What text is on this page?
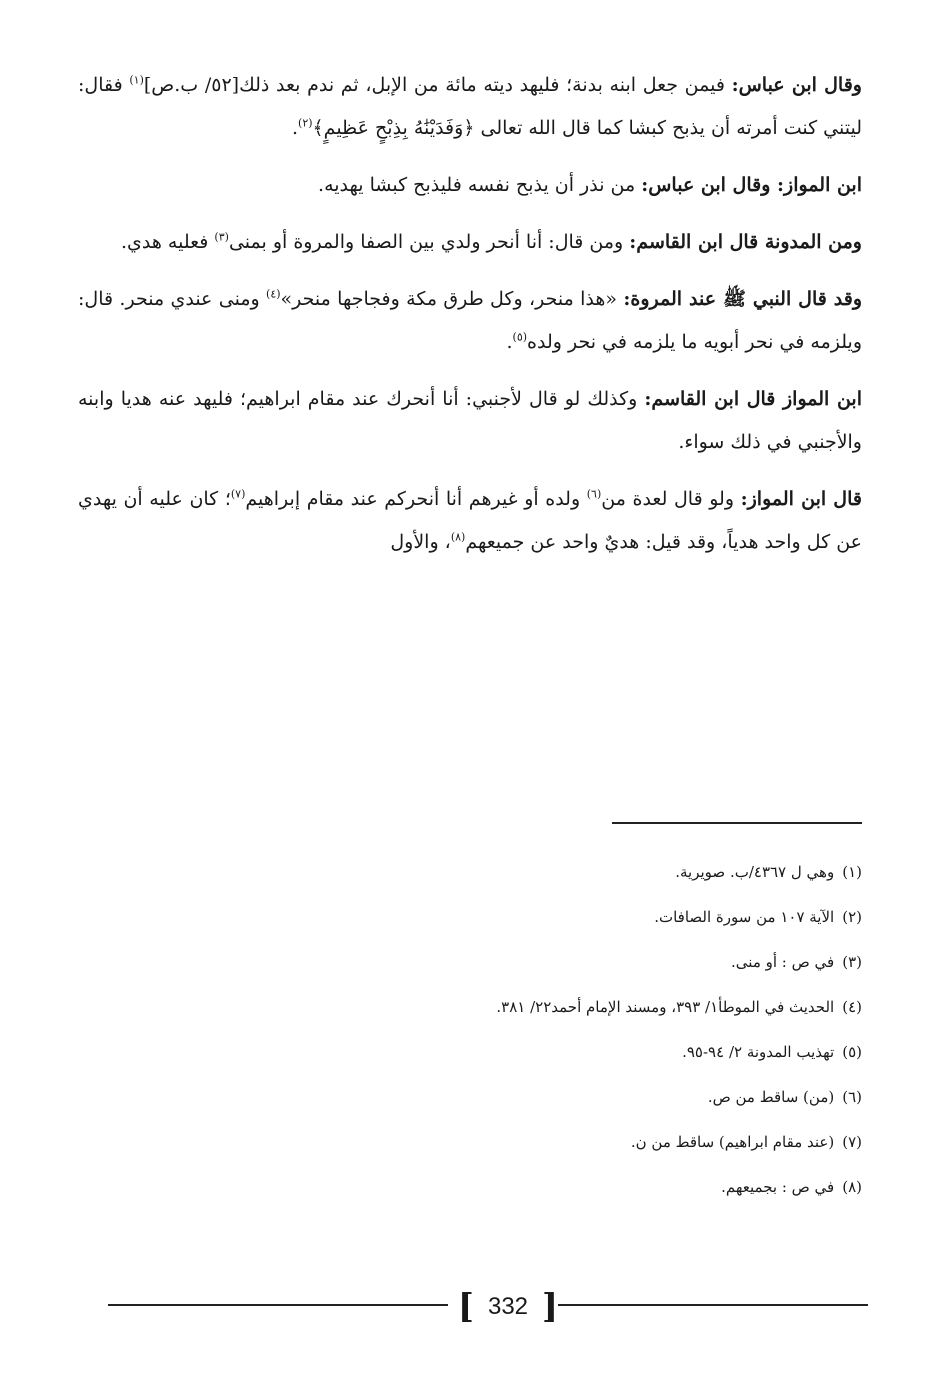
وقال ابن عباس: فيمن جعل ابنه بدنة؛ فليهد ديته مائة من الإبل، ثم ندم بعد ذلك[٥٢/ ب.ص]$^{(١)}$ فقال: ليتني كنت أمرته أن يذبح كبشا كما قال الله تعالى ﴿وَفَدَيْنَٰهُ بِذِبْحٍ عَظِيمٍ﴾$^{(٢)}$.

ابن المواز: وقال ابن عباس: من نذر أن يذبح نفسه فليذبح كبشا يهديه.

ومن المدونة قال ابن القاسم: ومن قال: أنا أنحر ولدي بين الصفا والمروة أو بمنى$^{(٣)}$ فعليه هدي.

وقد قال النبي ﷺ عند المروة: «هذا منحر، وكل طرق مكة وفجاجها منحر»$^{(٤)}$ ومنى عندي منحر. قال: ويلزمه في نحر أبويه ما يلزمه في نحر ولده$^{(٥)}$.

ابن المواز قال ابن القاسم: وكذلك لو قال لأجنبي: أنا أنحرك عند مقام ابراهيم؛ فليهد عنه هديا وابنه والأجنبي في ذلك سواء.

قال ابن المواز: ولو قال لعدة من$^{(٦)}$ ولده أو غيرهم أنا أنحركم عند مقام إبراهيم$^{(٧)}$؛ كان عليه أن يهدي عن كل واحد هدياً، وقد قيل: هديٌ واحد عن جميعهم$^{(٨)}$، والأول

(١)وهي ل ٤٣٦٧/ب. صويرية.

(٢)الآية ١٠٧ من سورة الصافات.

(٣)في ص : أو منى.

(٤)الحديث في الموطأ١/ ٣٩٣، ومسند الإمام أحمد٢٢/ ٣٨١.

(٥)تهذيب المدونة ٢/ ٩٤-٩٥.

(٦)(من) ساقط من ص.

(٧)(عند مقام ابراهيم) ساقط من ن.

(٨)في ص : بجميعهم.

[ 332 ]
